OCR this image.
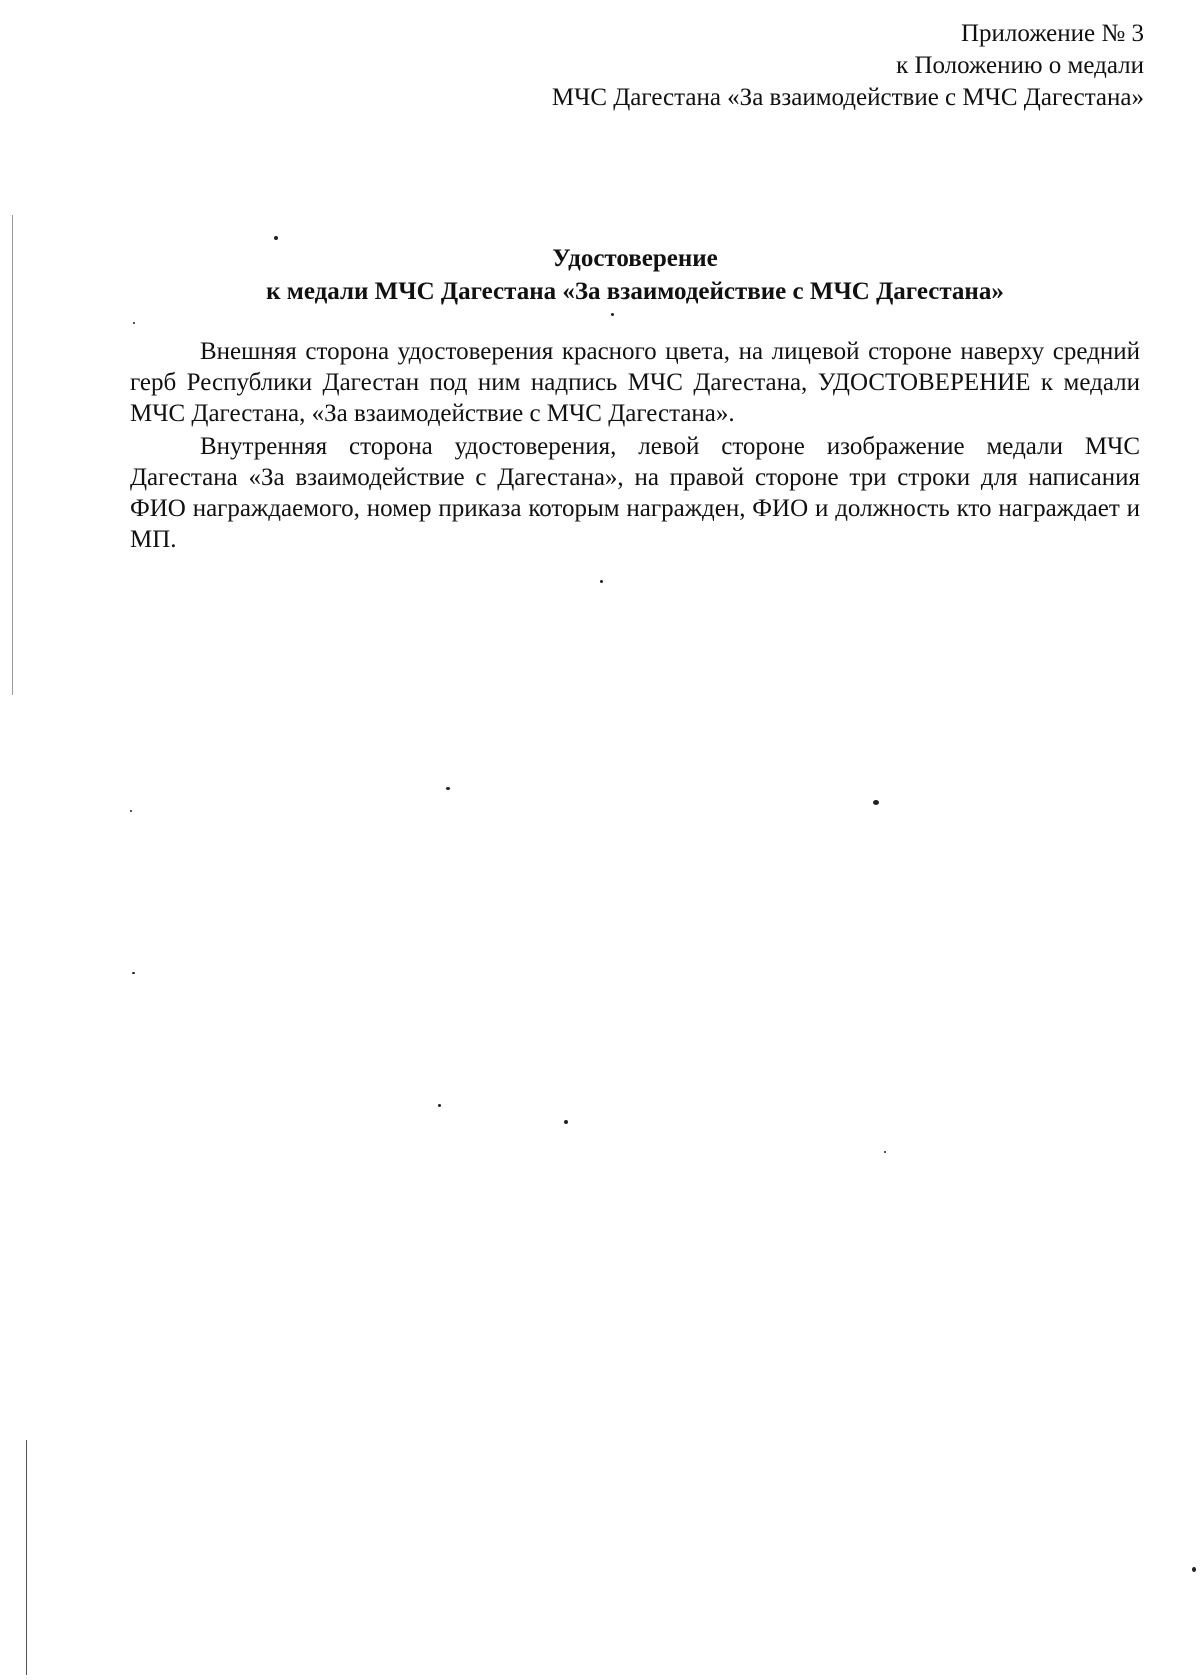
Приложение № 3
к Положению о медали
МЧС Дагестана «За взаимодействие с МЧС Дагестана»
Удостоверение
к медали МЧС Дагестана «За взаимодействие с МЧС Дагестана»

Внешняя сторона удостоверения красного цвета, на лицевой стороне наверху средний герб Республики Дагестан под ним надпись МЧС Дагестана, УДОСТОВЕРЕНИЕ к медали МЧС Дагестана, «За взаимодействие с МЧС Дагестана».

Внутренняя сторона удостоверения, левой стороне изображение медали МЧС Дагестана «За взаимодействие с Дагестана», на правой стороне три строки для написания ФИО награждаемого, номер приказа которым награжден, ФИО и должность кто награждает и МП.
